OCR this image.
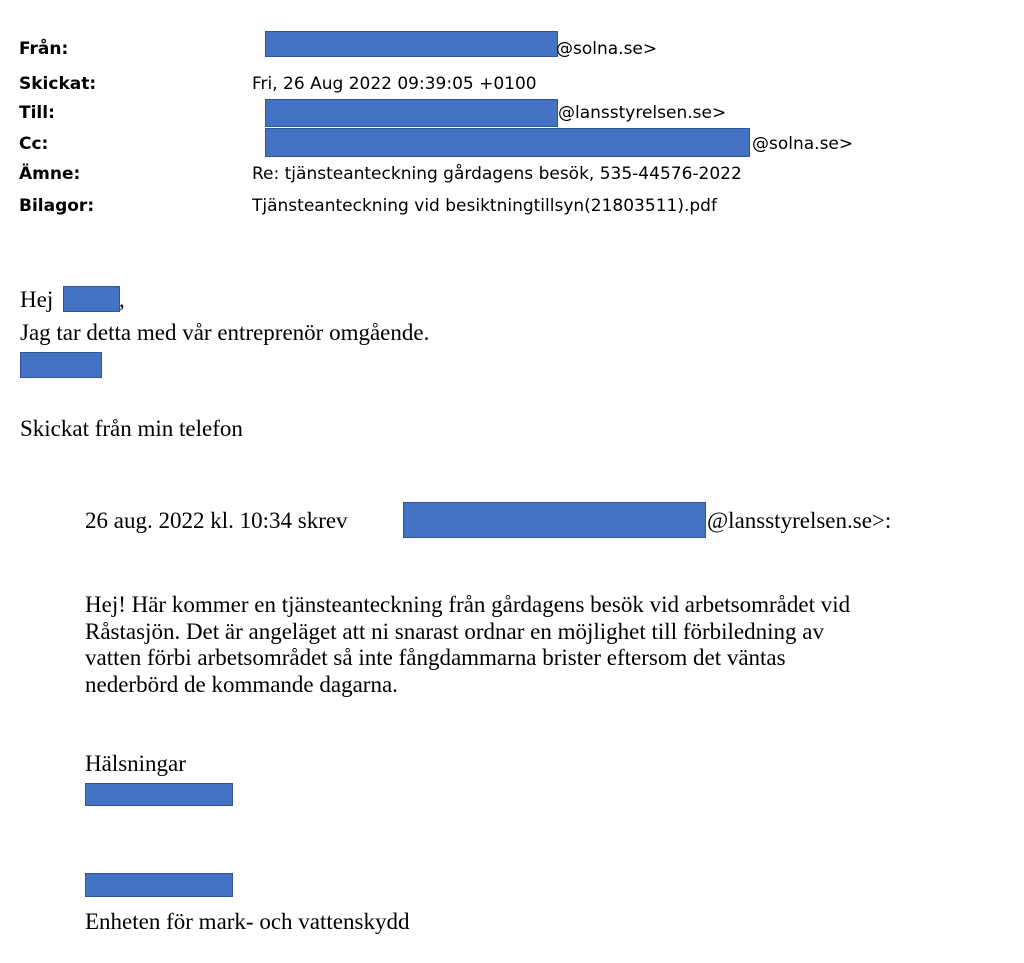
Från:	@solna.se>
Skickat:	Fri, 26 Aug 2022 09:39:05 +0100
Till:	@lansstyrelsen.se>
Cc:	@solna.se>
Ämne:	Re: tjänsteanteckning gårdagens besök, 535-44576-2022
Bilagor:	Tjänsteanteckning vid besiktningtillsyn(21803511).pdf
Hej	,
Jag tar detta med vår entreprenör omgående.
Skickat från min telefon
26 aug. 2022 kl. 10:34 skrev	@lansstyrelsen.se>:
Hej! Här kommer en tjänsteanteckning från gårdagens besök vid arbetsområdet vid
Råstasjön. Det är angeläget att ni snarast ordnar en möjlighet till förbiledning av
vatten förbi arbetsområdet så inte fångdammarna brister eftersom det väntas
nederbörd de kommande dagarna.
Hälsningar
Enheten för mark- och vattenskydd
